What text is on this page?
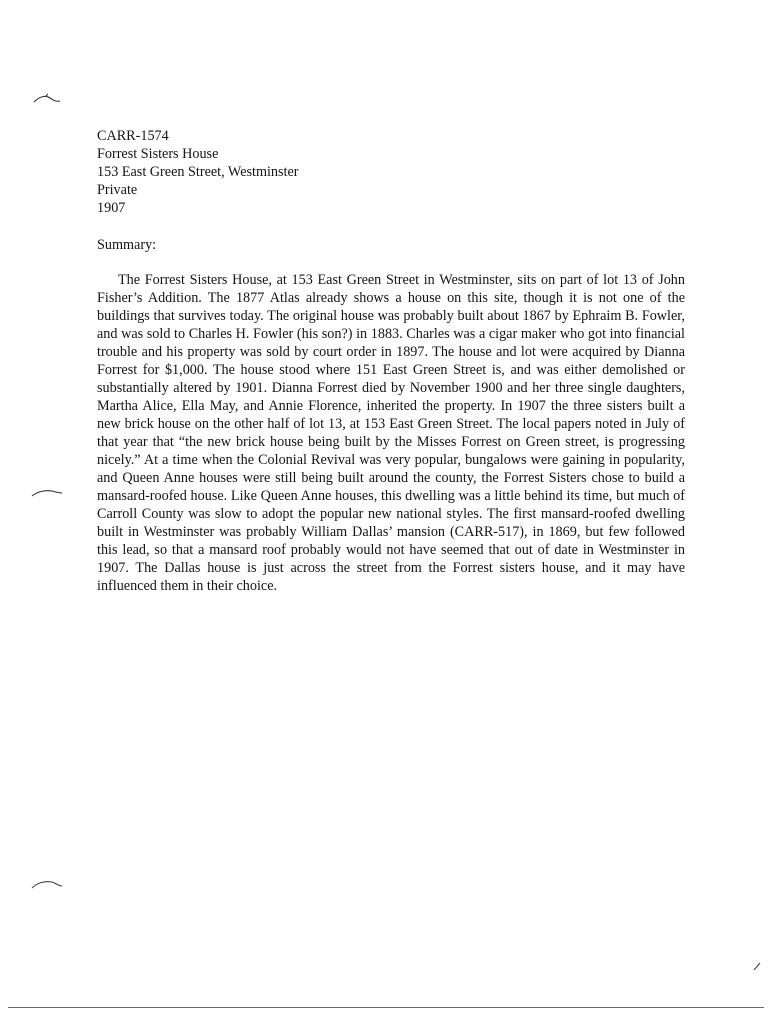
CARR-1574
Forrest Sisters House
153 East Green Street, Westminster
Private
1907
Summary:

The Forrest Sisters House, at 153 East Green Street in Westminster, sits on part of lot 13 of John Fisher’s Addition. The 1877 Atlas already shows a house on this site, though it is not one of the buildings that survives today. The original house was probably built about 1867 by Ephraim B. Fowler, and was sold to Charles H. Fowler (his son?) in 1883. Charles was a cigar maker who got into financial trouble and his property was sold by court order in 1897. The house and lot were acquired by Dianna Forrest for $1,000. The house stood where 151 East Green Street is, and was either demolished or substantially altered by 1901. Dianna Forrest died by November 1900 and her three single daughters, Martha Alice, Ella May, and Annie Florence, inherited the property. In 1907 the three sisters built a new brick house on the other half of lot 13, at 153 East Green Street. The local papers noted in July of that year that “the new brick house being built by the Misses Forrest on Green street, is progressing nicely.” At a time when the Colonial Revival was very popular, bungalows were gaining in popularity, and Queen Anne houses were still being built around the county, the Forrest Sisters chose to build a mansard-roofed house. Like Queen Anne houses, this dwelling was a little behind its time, but much of Carroll County was slow to adopt the popular new national styles. The first mansard-roofed dwelling built in Westminster was probably William Dallas’ mansion (CARR-517), in 1869, but few followed this lead, so that a mansard roof probably would not have seemed that out of date in Westminster in 1907. The Dallas house is just across the street from the Forrest sisters house, and it may have influenced them in their choice.
